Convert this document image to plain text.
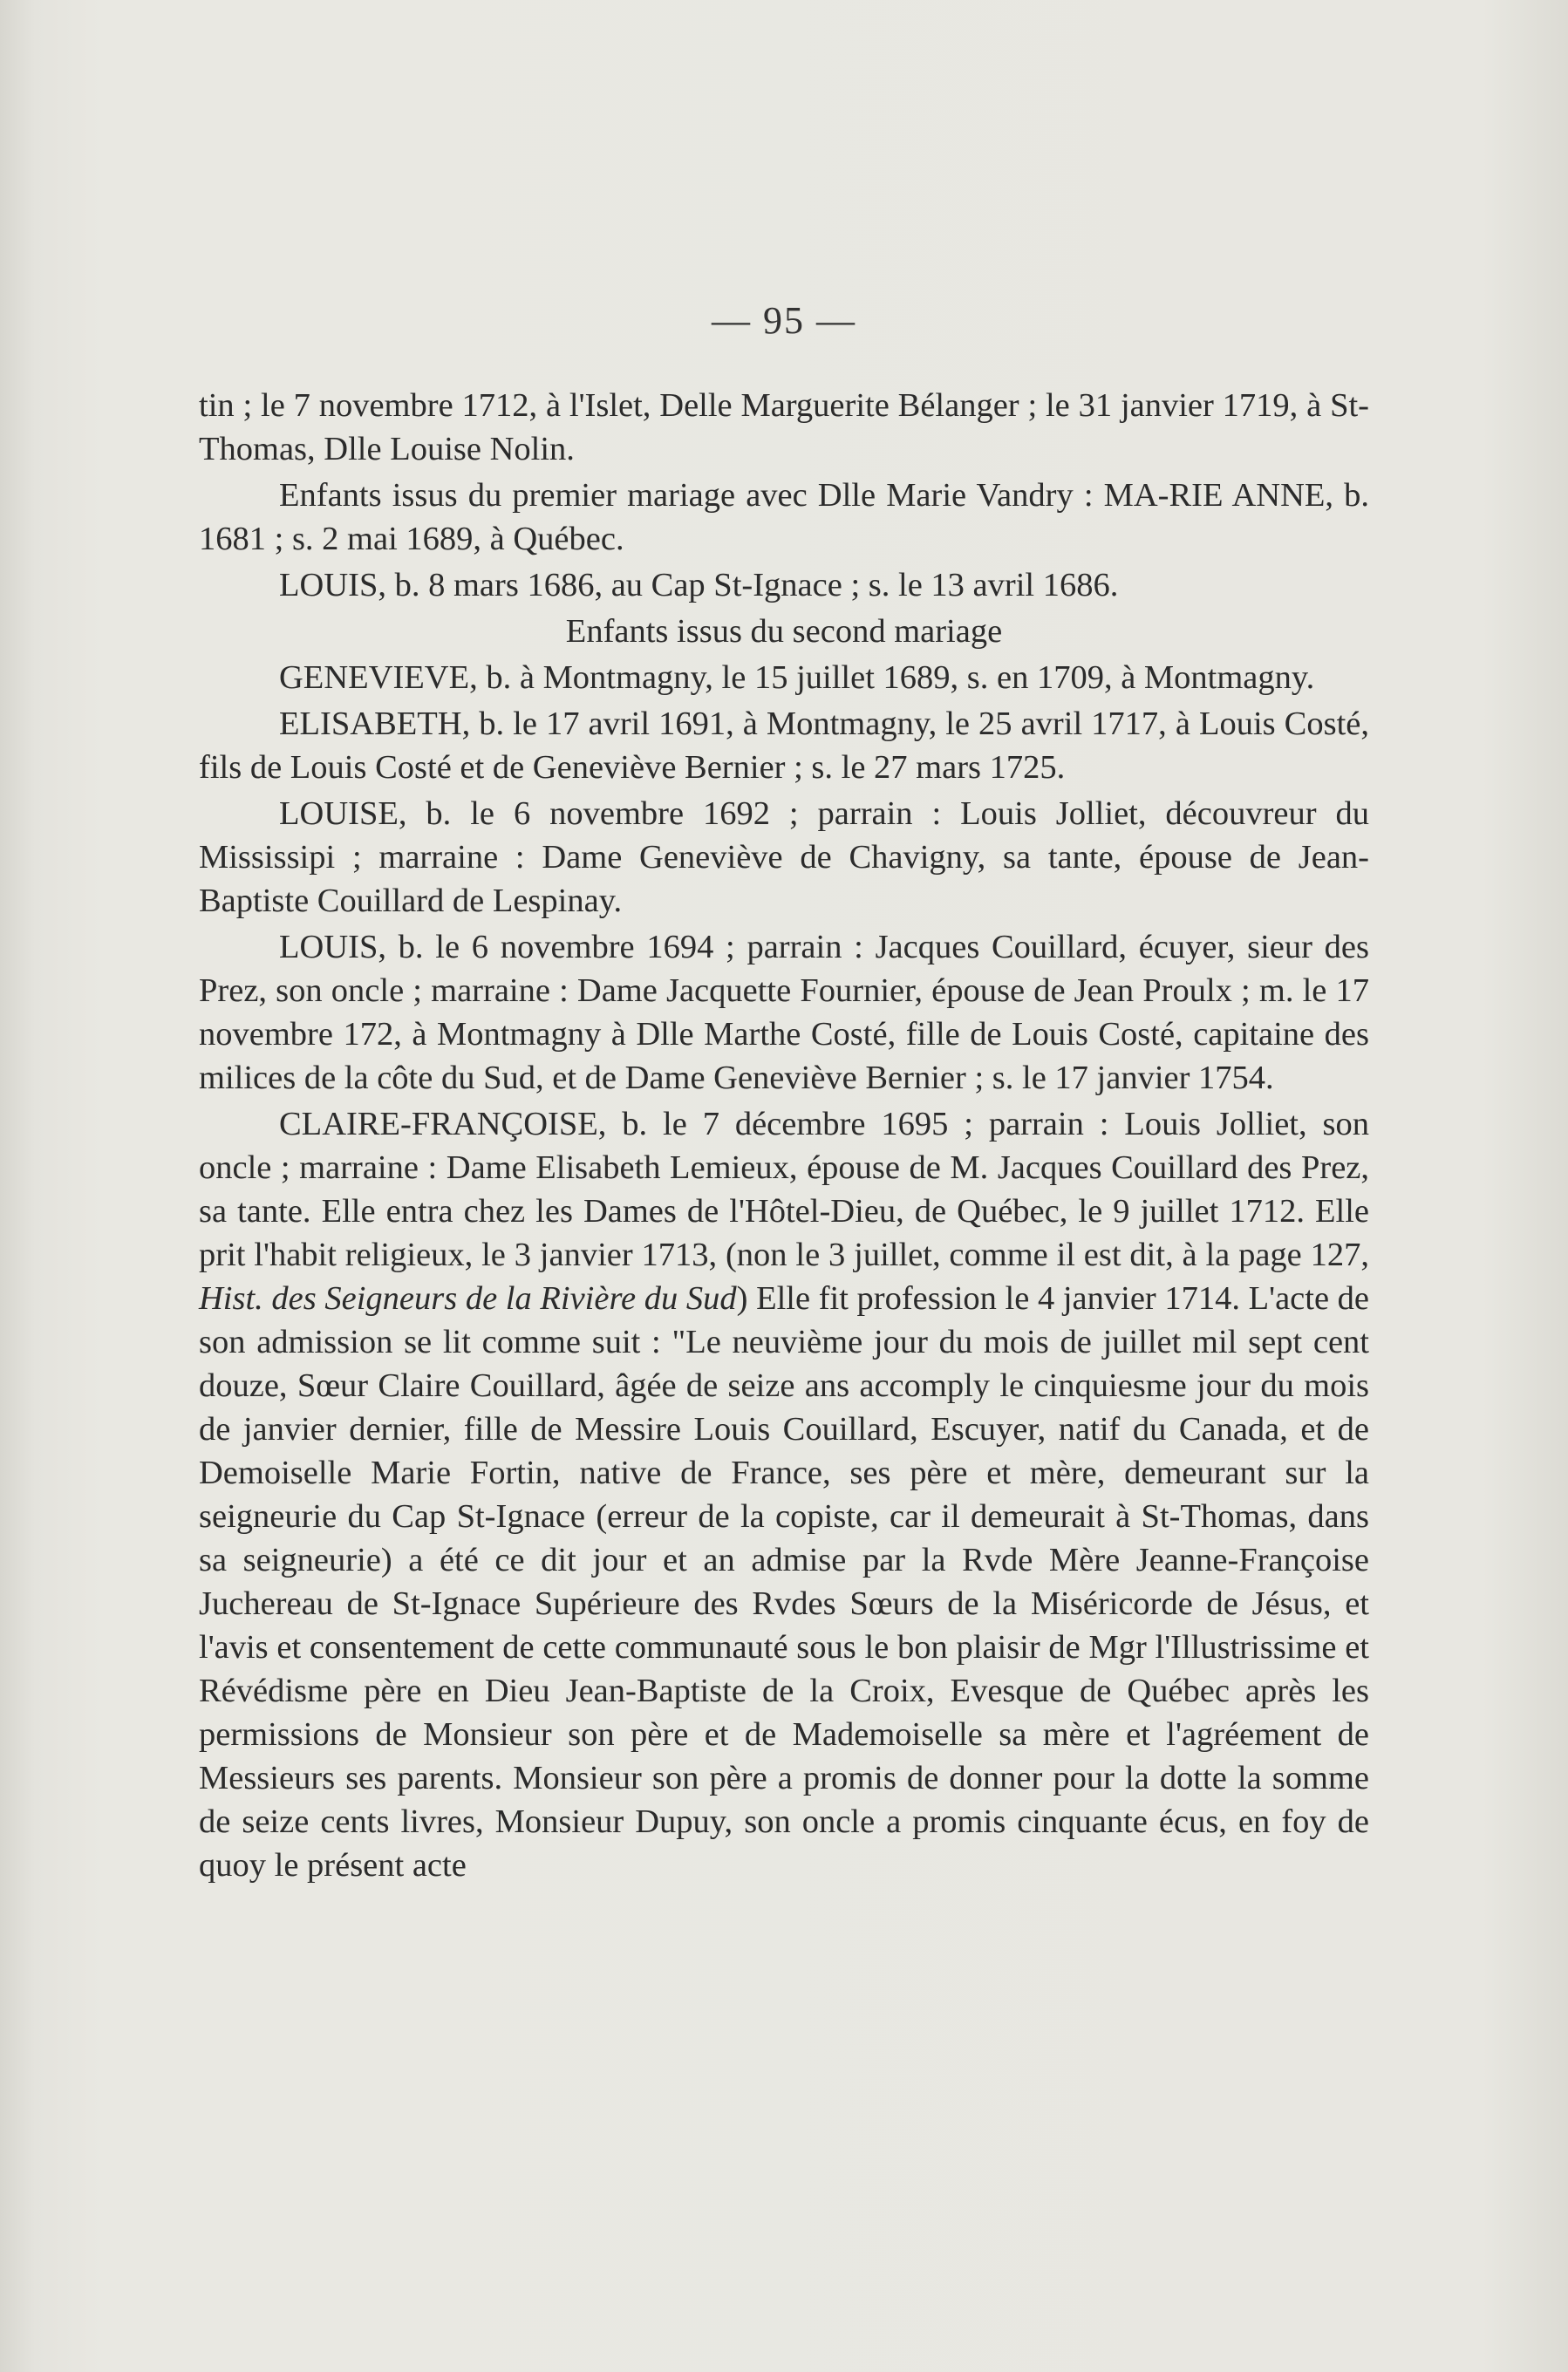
— 95 —

tin ; le 7 novembre 1712, à l'Islet, Delle Marguerite Bélanger ; le 31 janvier 1719, à St-Thomas, Dlle Louise Nolin.

Enfants issus du premier mariage avec Dlle Marie Vandry : MA-RIE ANNE, b. 1681 ; s. 2 mai 1689, à Québec.

LOUIS, b. 8 mars 1686, au Cap St-Ignace ; s. le 13 avril 1686.

Enfants issus du second mariage

GENEVIEVE, b. à Montmagny, le 15 juillet 1689, s. en 1709, à Montmagny.

ELISABETH, b. le 17 avril 1691, à Montmagny, le 25 avril 1717, à Louis Costé, fils de Louis Costé et de Geneviève Bernier ; s. le 27 mars 1725.

LOUISE, b. le 6 novembre 1692 ; parrain : Louis Jolliet, découvreur du Mississipi ; marraine : Dame Geneviève de Chavigny, sa tante, épouse de Jean-Baptiste Couillard de Lespinay.

LOUIS, b. le 6 novembre 1694 ; parrain : Jacques Couillard, écuyer, sieur des Prez, son oncle ; marraine : Dame Jacquette Fournier, épouse de Jean Proulx ; m. le 17 novembre 172, à Montmagny à Dlle Marthe Costé, fille de Louis Costé, capitaine des milices de la côte du Sud, et de Dame Geneviève Bernier ; s. le 17 janvier 1754.

CLAIRE-FRANÇOISE, b. le 7 décembre 1695 ; parrain : Louis Jolliet, son oncle ; marraine : Dame Elisabeth Lemieux, épouse de M. Jacques Couillard des Prez, sa tante. Elle entra chez les Dames de l'Hôtel-Dieu, de Québec, le 9 juillet 1712. Elle prit l'habit religieux, le 3 janvier 1713, (non le 3 juillet, comme il est dit, à la page 127, Hist. des Seigneurs de la Rivière du Sud) Elle fit profession le 4 janvier 1714. L'acte de son admission se lit comme suit : "Le neuvième jour du mois de juillet mil sept cent douze, Sœur Claire Couillard, âgée de seize ans accomply le cinquiesme jour du mois de janvier dernier, fille de Messire Louis Couillard, Escuyer, natif du Canada, et de Demoiselle Marie Fortin, native de France, ses père et mère, demeurant sur la seigneurie du Cap St-Ignace (erreur de la copiste, car il demeurait à St-Thomas, dans sa seigneurie) a été ce dit jour et an admise par la Rvde Mère Jeanne-Françoise Juchereau de St-Ignace Supérieure des Rvdes Sœurs de la Miséricorde de Jésus, et l'avis et consentement de cette communauté sous le bon plaisir de Mgr l'Illustrissime et Révédisme père en Dieu Jean-Baptiste de la Croix, Evesque de Québec après les permissions de Monsieur son père et de Mademoiselle sa mère et l'agréement de Messieurs ses parents. Monsieur son père a promis de donner pour la dotte la somme de seize cents livres, Monsieur Dupuy, son oncle a promis cinquante écus, en foy de quoy le présent acte
